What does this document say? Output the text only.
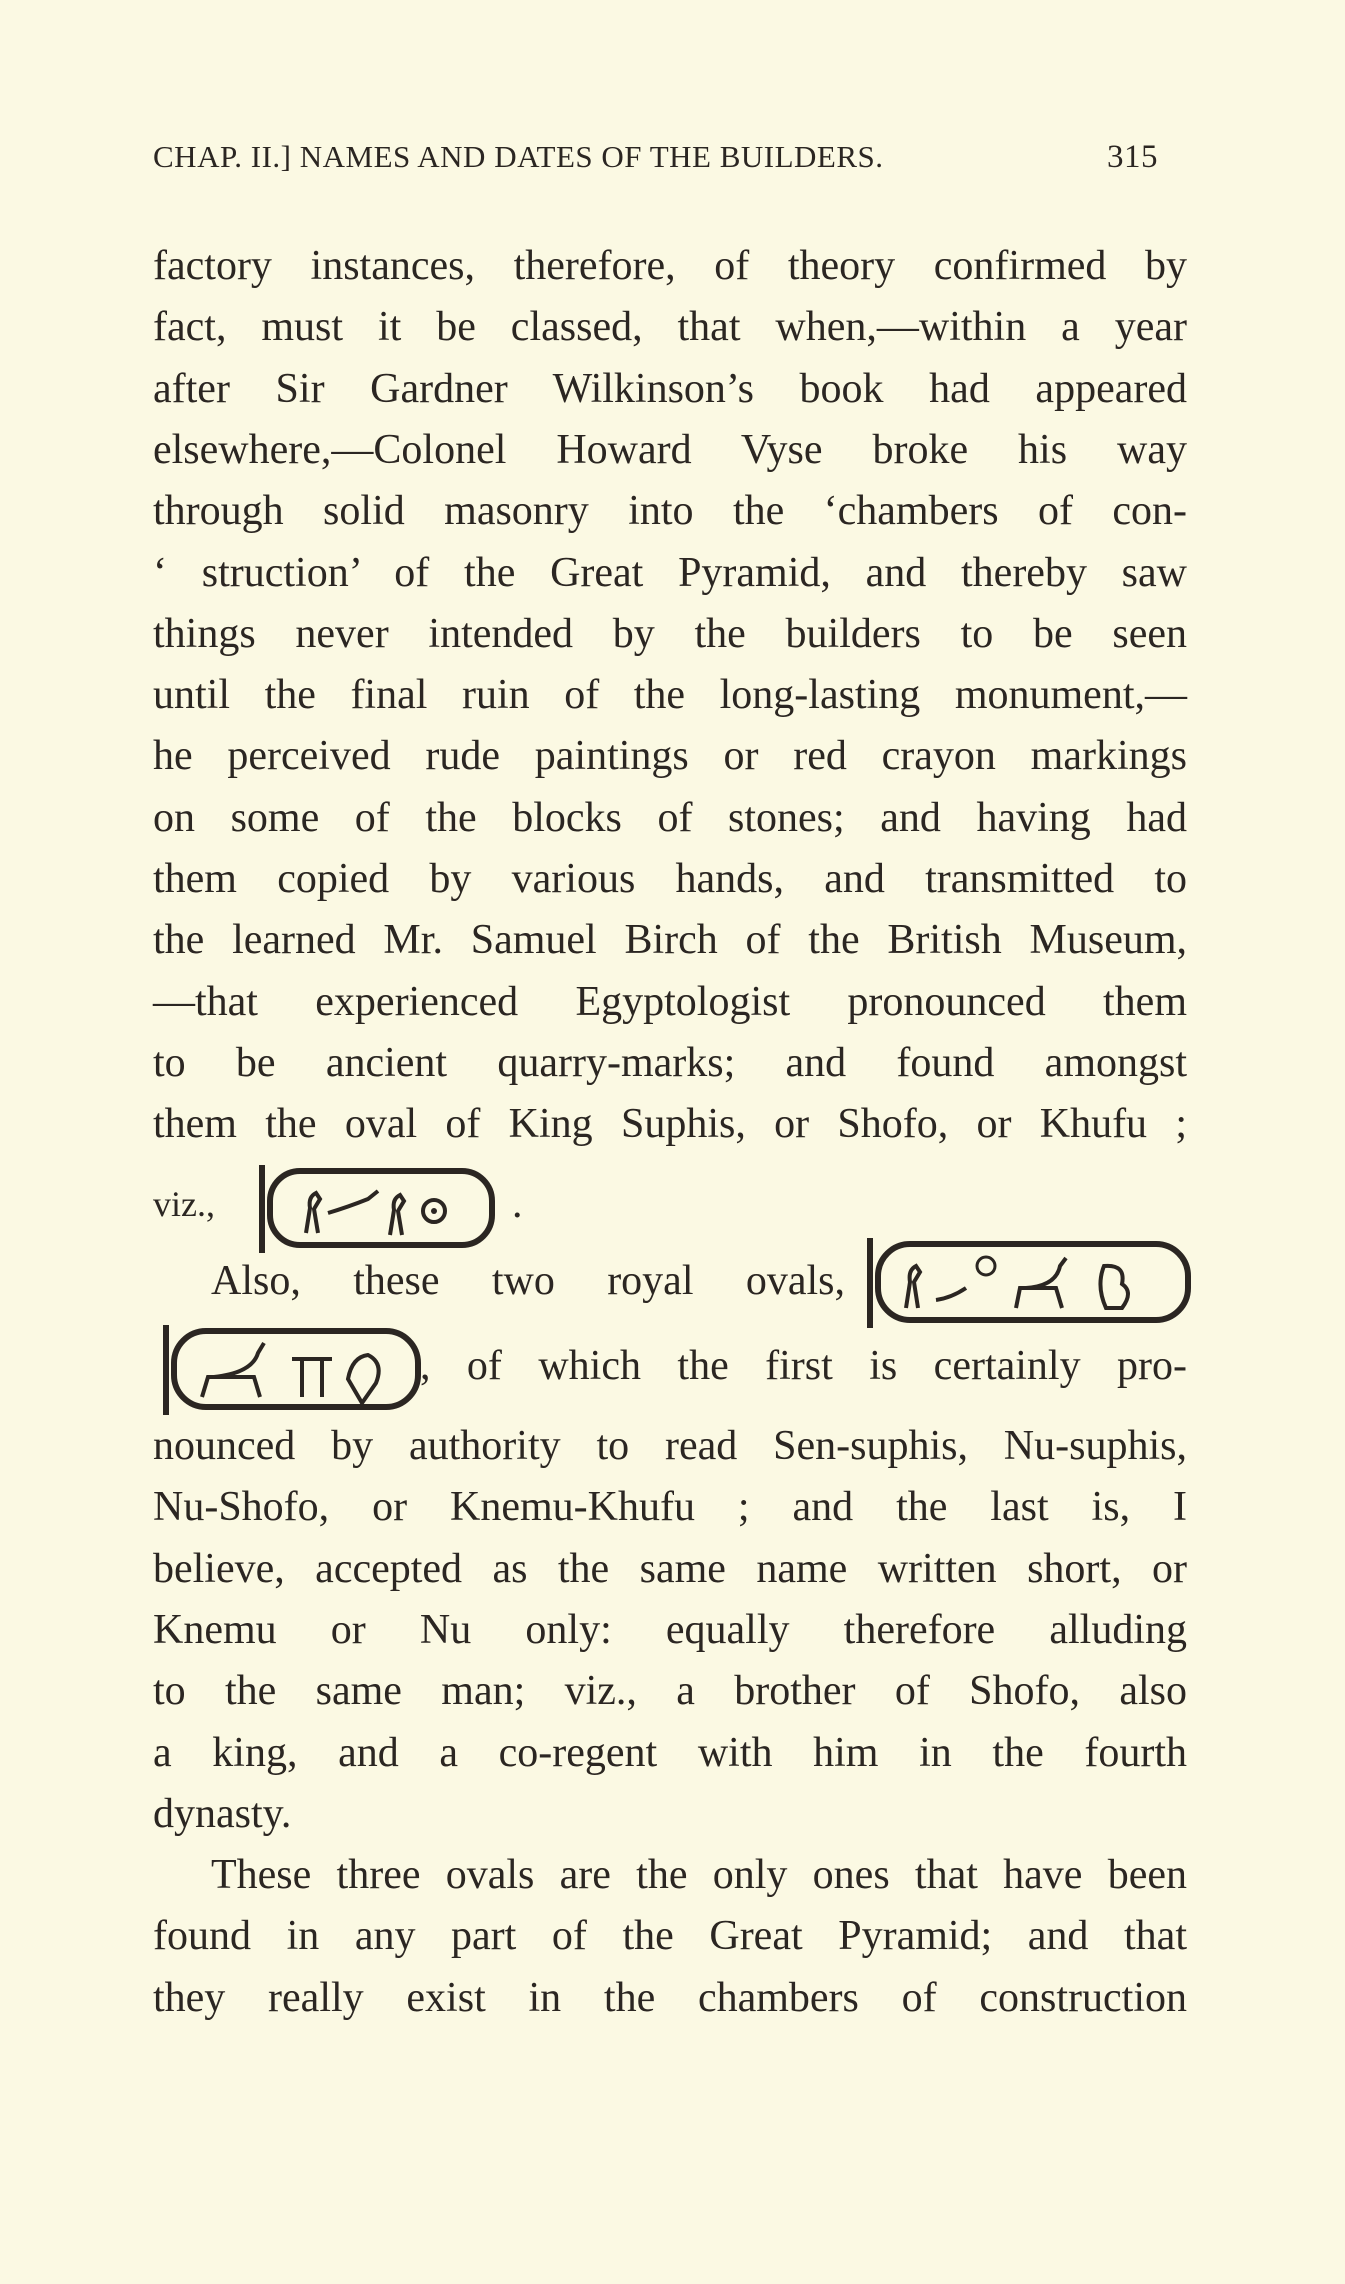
CHAP. II.] NAMES AND DATES OF THE BUILDERS.	315
factory instances, therefore, of theory confirmed by
fact, must it be classed, that when,—within a year
after Sir Gardner Wilkinson’s book had appeared
elsewhere,—Colonel Howard Vyse broke his way
through solid masonry into the ‘chambers of con-
‘ struction’ of the Great Pyramid, and thereby saw
things never intended by the builders to be seen
until the final ruin of the long-lasting monument,—
he perceived rude paintings or red crayon markings
on some of the blocks of stones; and having had
them copied by various hands, and transmitted to
the learned Mr. Samuel Birch of the British Museum,
—that experienced Egyptologist pronounced them
to be ancient quarry-marks; and found amongst
them the oval of King Suphis, or Shofo, or Khufu ;
viz.,	.
Also, these two royal ovals,
, of which the first is certainly pro-
nounced by authority to read Sen-suphis, Nu-suphis,
Nu-Shofo, or Knemu-Khufu ; and the last is, I
believe, accepted as the same name written short, or
Knemu or Nu only: equally therefore alluding
to the same man; viz., a brother of Shofo, also
a king, and a co-regent with him in the fourth
dynasty.
These three ovals are the only ones that have been
found in any part of the Great Pyramid; and that
they really exist in the chambers of construction
